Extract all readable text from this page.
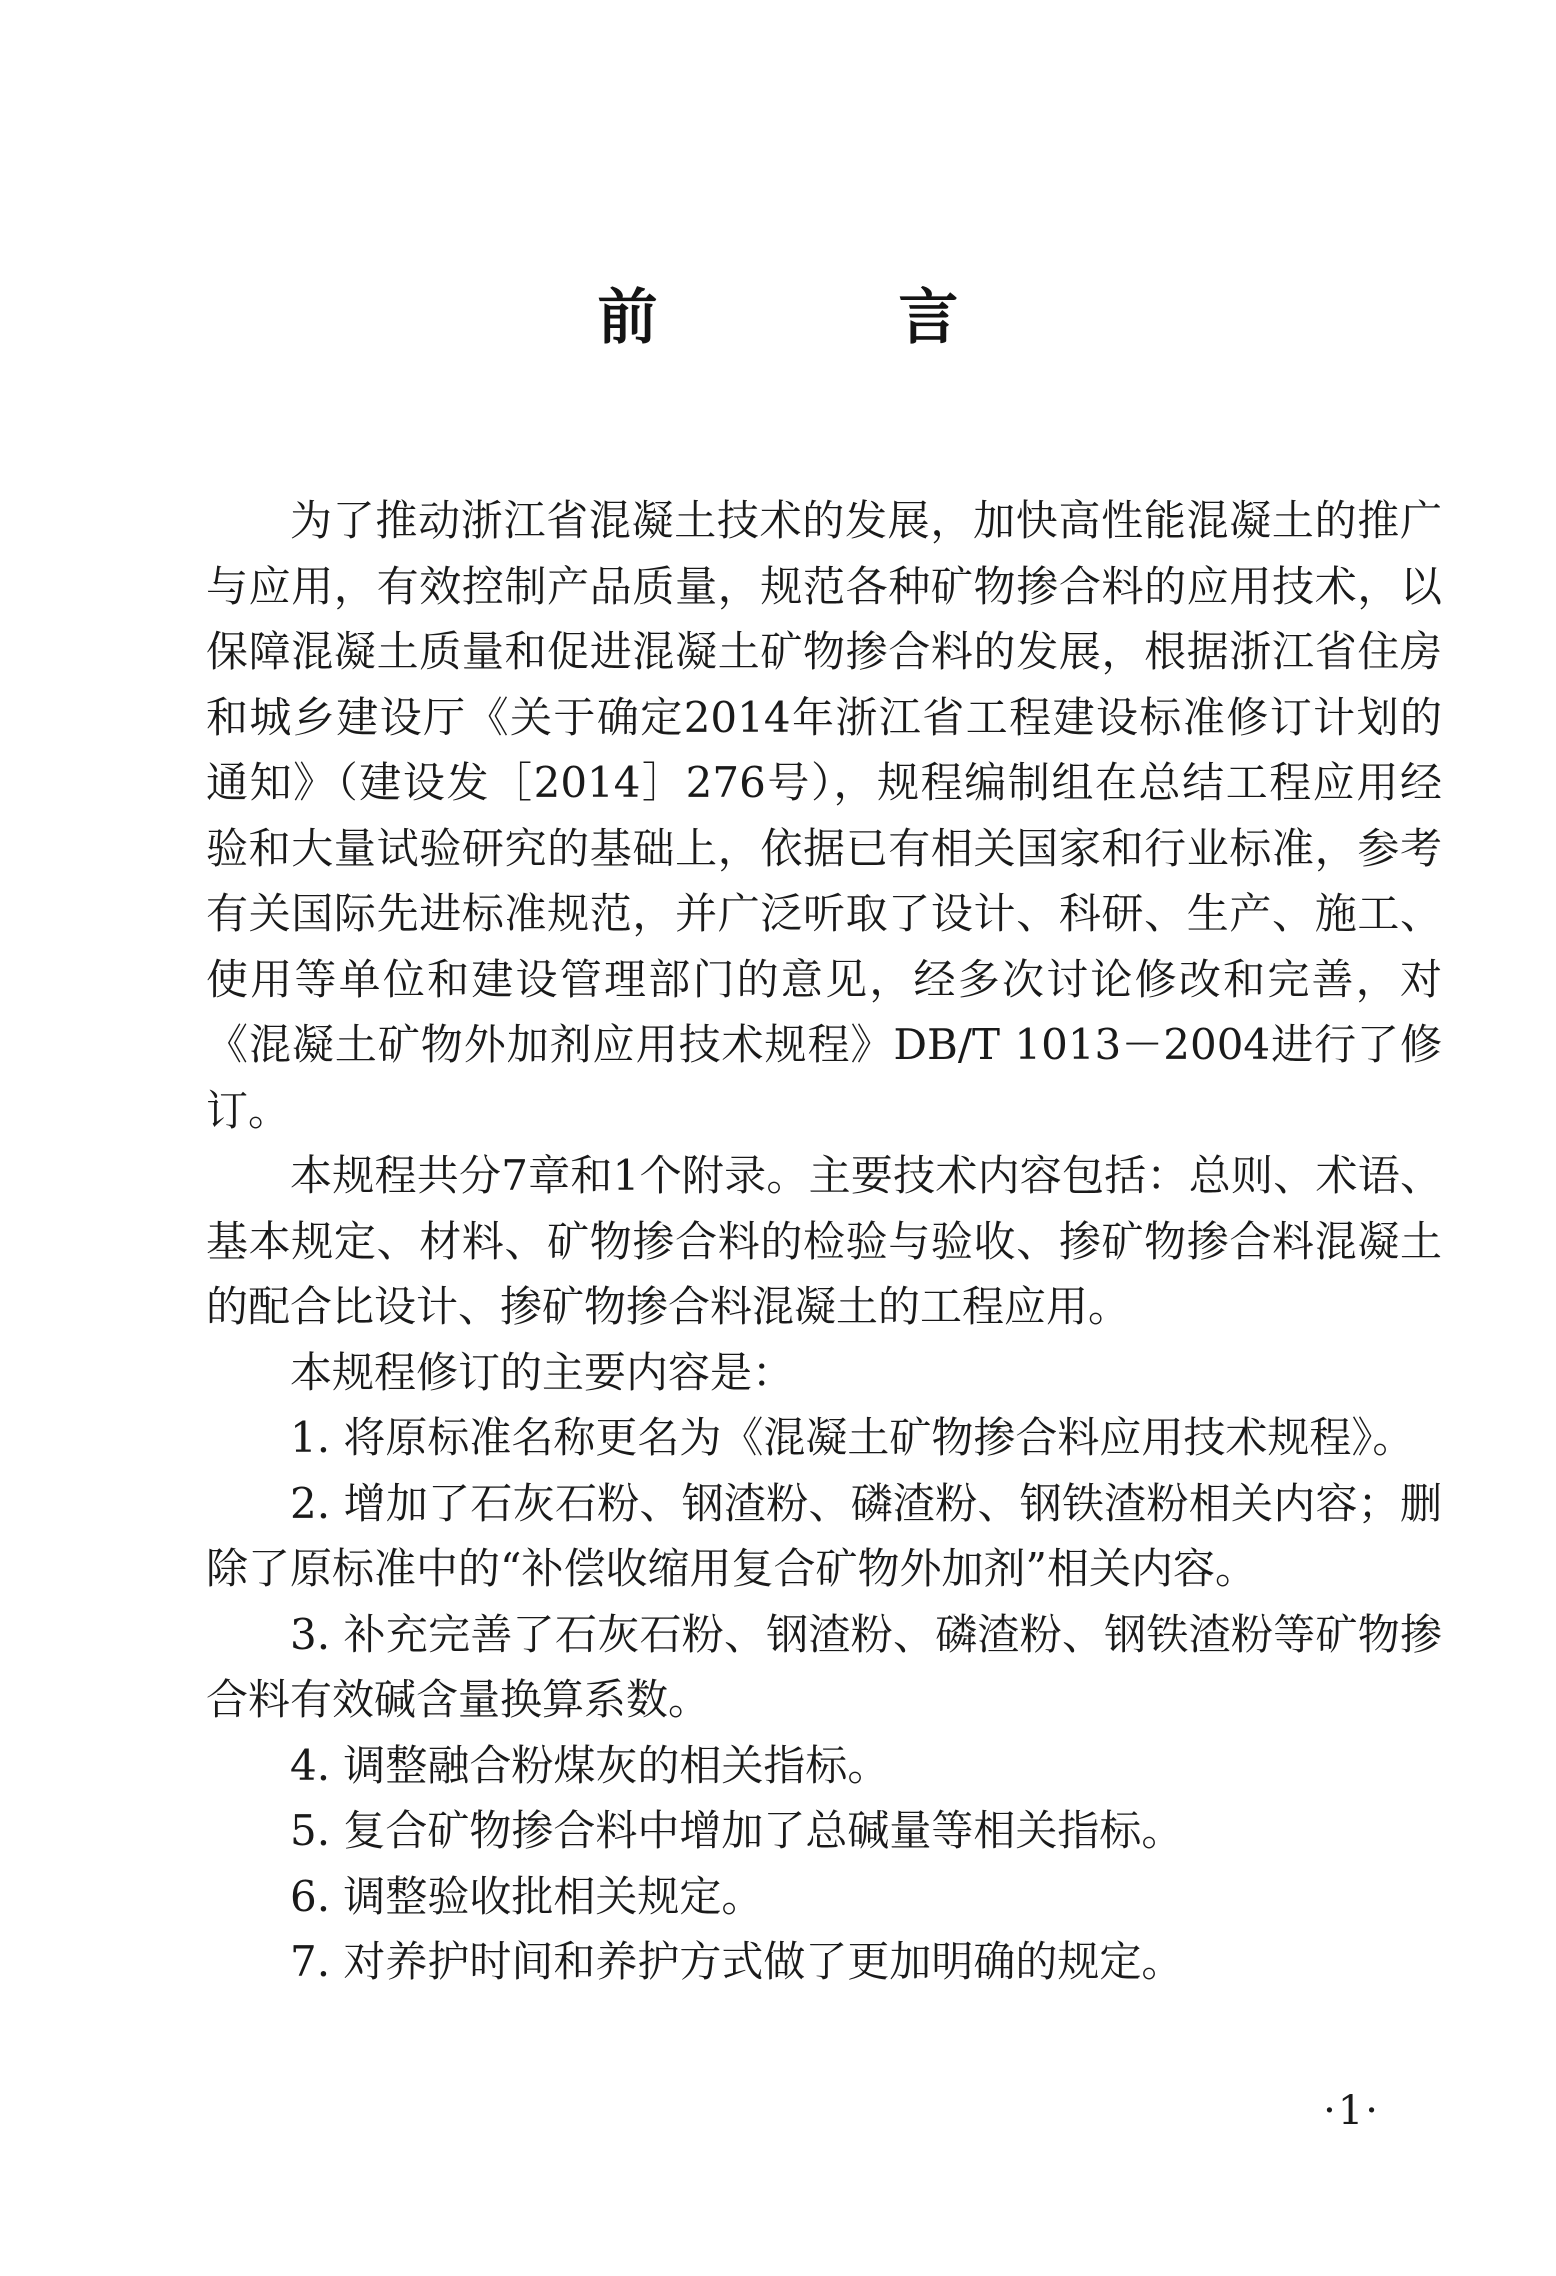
前 言

为了推动浙江省混凝土技术的发展，加快高性能混凝土的推广与应用，有效控制产品质量，规范各种矿物掺合料的应用技术，以保障混凝土质量和促进混凝土矿物掺合料的发展，根据浙江省住房和城乡建设厅《关于确定2014年浙江省工程建设标准修订计划的通知》（建设发［2014］276号），规程编制组在总结工程应用经验和大量试验研究的基础上，依据已有相关国家和行业标准，参考有关国际先进标准规范，并广泛听取了设计、科研、生产、施工、使用等单位和建设管理部门的意见，经多次讨论修改和完善，对《混凝土矿物外加剂应用技术规程》DB/T 1013－2004进行了修订。

本规程共分7章和1个附录。主要技术内容包括：总则、术语、基本规定、材料、矿物掺合料的检验与验收、掺矿物掺合料混凝土的配合比设计、掺矿物掺合料混凝土的工程应用。

本规程修订的主要内容是：

1. 将原标准名称更名为《混凝土矿物掺合料应用技术规程》。

2. 增加了石灰石粉、钢渣粉、磷渣粉、钢铁渣粉相关内容；删除了原标准中的“补偿收缩用复合矿物外加剂”相关内容。

3. 补充完善了石灰石粉、钢渣粉、磷渣粉、钢铁渣粉等矿物掺合料有效碱含量换算系数。

4. 调整融合粉煤灰的相关指标。

5. 复合矿物掺合料中增加了总碱量等相关指标。

6. 调整验收批相关规定。

7. 对养护时间和养护方式做了更加明确的规定。

·1·
